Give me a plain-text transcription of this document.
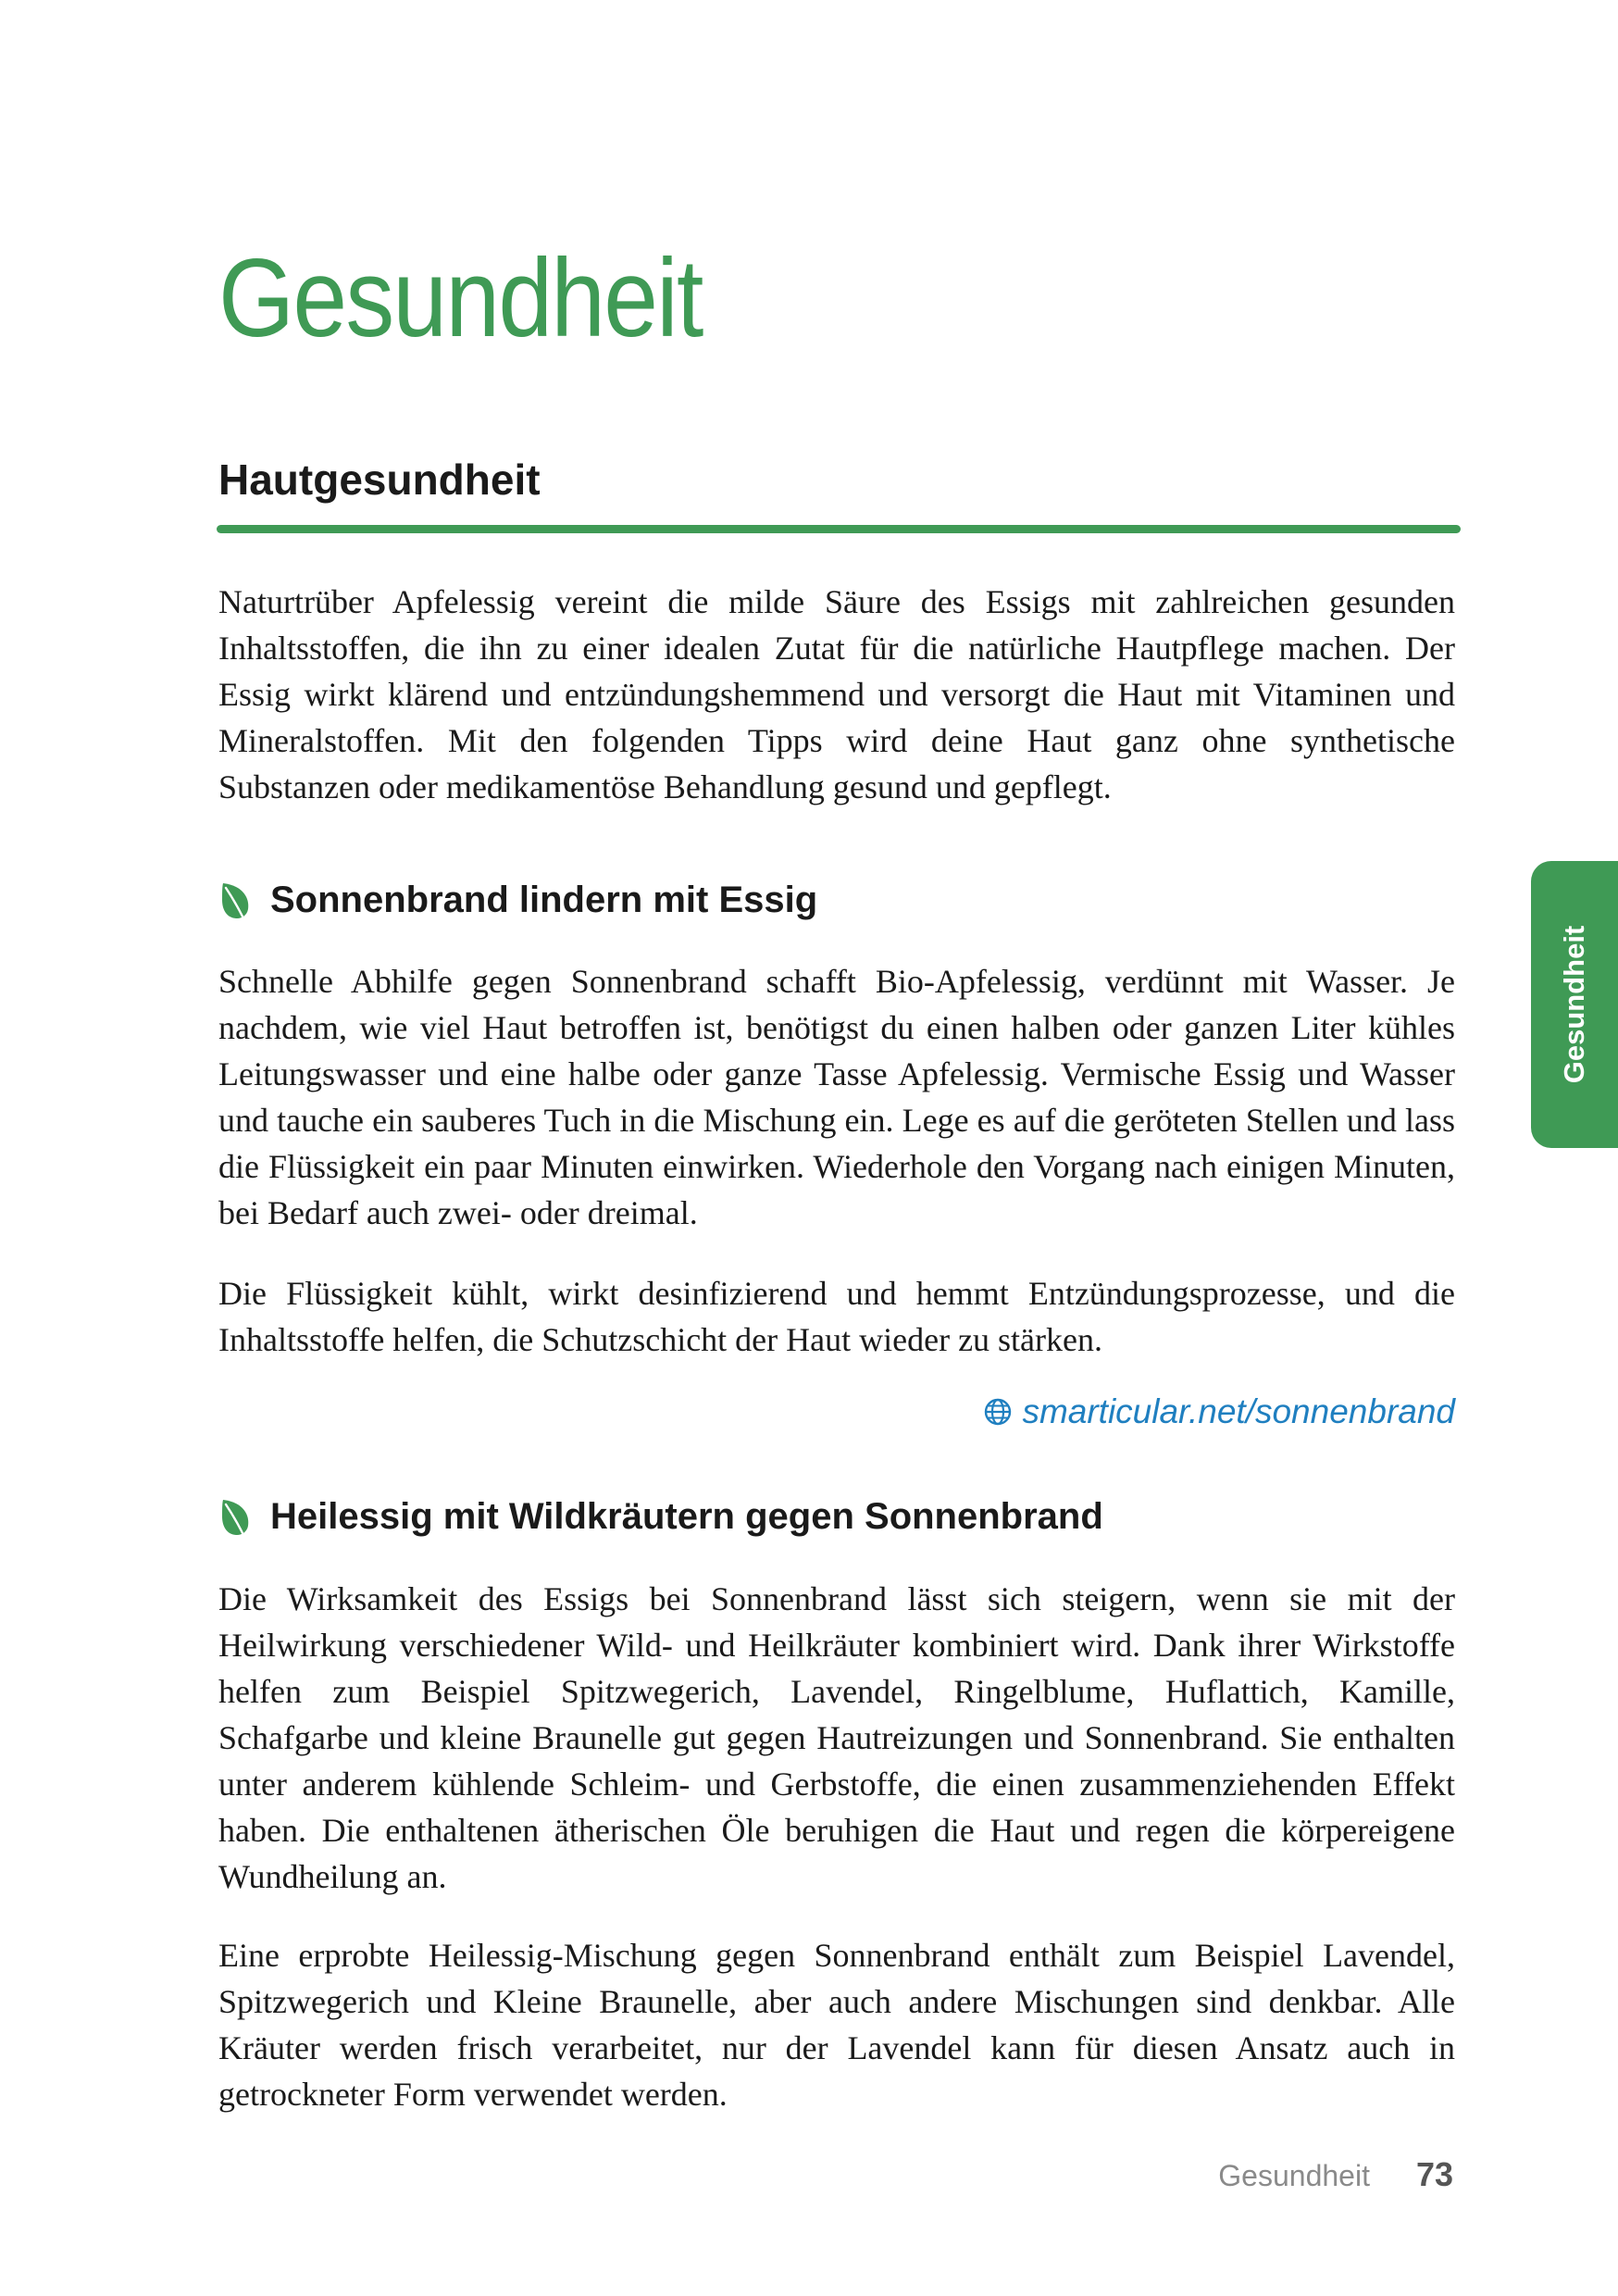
Gesundheit
Hautgesundheit

Naturtrüber Apfelessig vereint die milde Säure des Essigs mit zahlreichen gesunden Inhaltsstoffen, die ihn zu einer idealen Zutat für die natürliche Hautpflege machen. Der Essig wirkt klärend und entzündungshemmend und versorgt die Haut mit Vitaminen und Mineralstoffen. Mit den folgenden Tipps wird deine Haut ganz ohne synthetische Substanzen oder medikamentöse Behandlung gesund und gepflegt.

Sonnenbrand lindern mit Essig

Schnelle Abhilfe gegen Sonnenbrand schafft Bio-Apfelessig, verdünnt mit Wasser. Je nachdem, wie viel Haut betroffen ist, benötigst du einen halben oder ganzen Liter kühles Leitungswasser und eine halbe oder ganze Tasse Apfelessig. Vermische Essig und Wasser und tauche ein sauberes Tuch in die Mischung ein. Lege es auf die geröteten Stellen und lass die Flüssigkeit ein paar Minuten einwirken. Wiederhole den Vorgang nach einigen Minuten, bei Bedarf auch zwei- oder dreimal.

Die Flüssigkeit kühlt, wirkt desinfizierend und hemmt Entzündungsprozesse, und die Inhaltsstoffe helfen, die Schutzschicht der Haut wieder zu stärken.

smarticular.net/sonnenbrand
Heilessig mit Wildkräutern gegen Sonnenbrand

Die Wirksamkeit des Essigs bei Sonnenbrand lässt sich steigern, wenn sie mit der Heilwirkung verschiedener Wild- und Heilkräuter kombiniert wird. Dank ihrer Wirkstoffe helfen zum Beispiel Spitzwegerich, Lavendel, Ringelblume, Huflattich, Kamille, Schafgarbe und kleine Braunelle gut gegen Hautreizungen und Sonnenbrand. Sie enthalten unter anderem kühlende Schleim- und Gerbstoffe, die einen zusammenziehenden Effekt haben. Die enthaltenen ätherischen Öle beruhigen die Haut und regen die körpereigene Wundheilung an.

Eine erprobte Heilessig-Mischung gegen Sonnenbrand enthält zum Beispiel Lavendel, Spitzwegerich und Kleine Braunelle, aber auch andere Mischungen sind denkbar. Alle Kräuter werden frisch verarbeitet, nur der Lavendel kann für diesen Ansatz auch in getrockneter Form verwendet werden.

Gesundheit
Gesundheit 73
